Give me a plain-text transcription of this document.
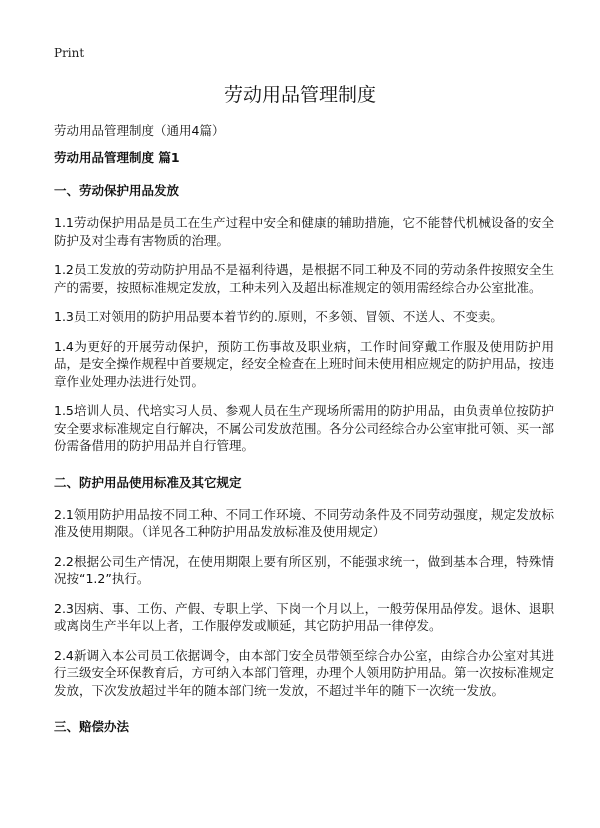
Print
劳动用品管理制度

劳动用品管理制度（通用4篇）

劳动用品管理制度 篇1

一、劳动保护用品发放

1.1劳动保护用品是员工在生产过程中安全和健康的辅助措施，它不能替代机械设备的安全防护及对尘毒有害物质的治理。

1.2员工发放的劳动防护用品不是福利待遇，是根据不同工种及不同的劳动条件按照安全生产的需要，按照标准规定发放，工种未列入及超出标准规定的领用需经综合办公室批准。

1.3员工对领用的防护用品要本着节约的.原则，不多领、冒领、不送人、不变卖。

1.4为更好的开展劳动保护，预防工伤事故及职业病，工作时间穿戴工作服及使用防护用品，是安全操作规程中首要规定，经安全检查在上班时间未使用相应规定的防护用品，按违章作业处理办法进行处罚。

1.5培训人员、代培实习人员、参观人员在生产现场所需用的防护用品，由负责单位按防护安全要求标准规定自行解决，不属公司发放范围。各分公司经综合办公室审批可领、买一部份需备借用的防护用品并自行管理。

二、防护用品使用标准及其它规定

2.1领用防护用品按不同工种、不同工作环境、不同劳动条件及不同劳动强度，规定发放标准及使用期限。（详见各工种防护用品发放标准及使用规定）

2.2根据公司生产情况，在使用期限上要有所区别，不能强求统一，做到基本合理，特殊情况按“1.2”执行。

2.3因病、事、工伤、产假、专职上学、下岗一个月以上，一般劳保用品停发。退休、退职或离岗生产半年以上者，工作服停发或顺延，其它防护用品一律停发。

2.4新调入本公司员工依据调令，由本部门安全员带领至综合办公室，由综合办公室对其进行三级安全环保教育后，方可纳入本部门管理，办理个人领用防护用品。第一次按标准规定发放，下次发放超过半年的随本部门统一发放，不超过半年的随下一次统一发放。

三、赔偿办法
